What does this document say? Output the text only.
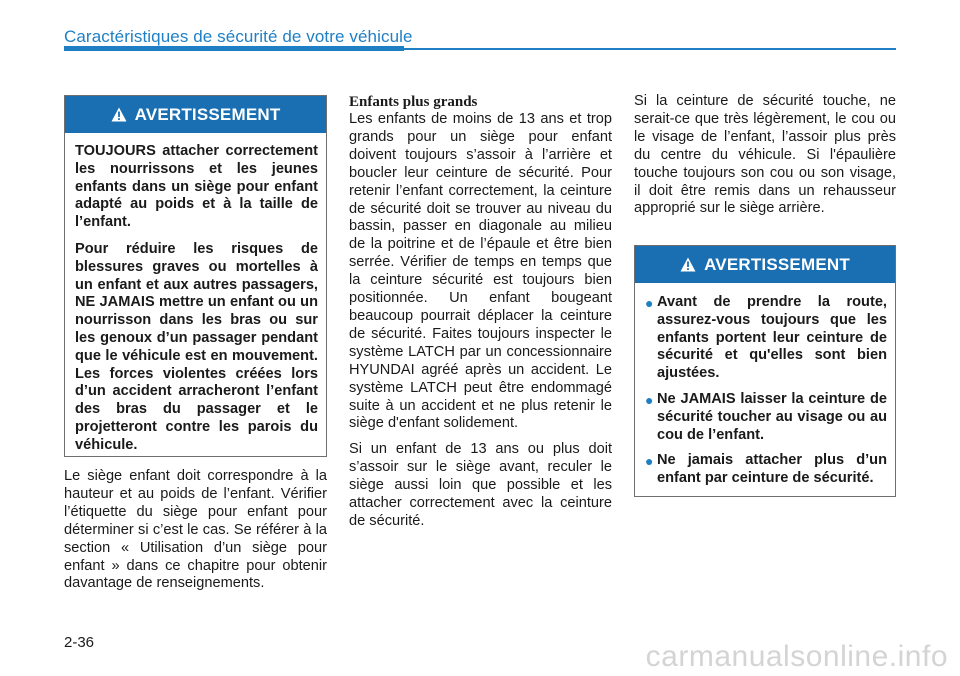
Caractéristiques de sécurité de votre véhicule
AVERTISSEMENT

TOUJOURS attacher correctement les nourrissons et les jeunes enfants dans un siège pour enfant adapté au poids et à la taille de l’enfant.

Pour réduire les risques de blessures graves ou mortelles à un enfant et aux autres passagers, NE JAMAIS mettre un enfant ou un nourrisson dans les bras ou sur les genoux d’un passager pendant que le véhicule est en mouvement. Les forces violentes créées lors d’un accident arracheront l’enfant des bras du passager et le projetteront contre les parois du véhicule.

Le siège enfant doit correspondre à la hauteur et au poids de l’enfant. Vérifier l’étiquette du siège pour enfant pour déterminer si c’est le cas. Se référer à la section « Utilisation d’un siège pour enfant » dans ce chapitre pour obtenir davantage de renseignements.

Enfants plus grands

Les enfants de moins de 13 ans et trop grands pour un siège pour enfant doivent toujours s’assoir à l’arrière et boucler leur ceinture de sécurité. Pour retenir l’enfant correctement, la ceinture de sécurité doit se trouver au niveau du bassin, passer en diagonale au milieu de la poitrine et de l’épaule et être bien serrée. Vérifier de temps en temps que la ceinture sécurité est toujours bien positionnée. Un enfant bougeant beaucoup pourrait déplacer la ceinture de sécurité. Faites toujours inspecter le système LATCH par un concessionnaire HYUNDAI agréé après un accident. Le système LATCH peut être endommagé suite à un accident et ne plus retenir le siège d'enfant solidement.

Si un enfant de 13 ans ou plus doit s’assoir sur le siège avant, reculer le siège aussi loin que possible et les attacher correctement avec la ceinture de sécurité.

Si la ceinture de sécurité touche, ne serait-ce que très légèrement, le cou ou le visage de l’enfant, l’assoir plus près du centre du véhicule. Si l'épaulière touche toujours son cou ou son visage, il doit être remis dans un rehausseur approprié sur le siège arrière.

AVERTISSEMENT
● Avant de prendre la route, assurez-vous toujours que les enfants portent leur ceinture de sécurité et qu'elles sont bien ajustées.
● Ne JAMAIS laisser la ceinture de sécurité toucher au visage ou au cou de l’enfant.
● Ne jamais attacher plus d’un enfant par ceinture de sécurité.
2-36	carmanualsonline.info
